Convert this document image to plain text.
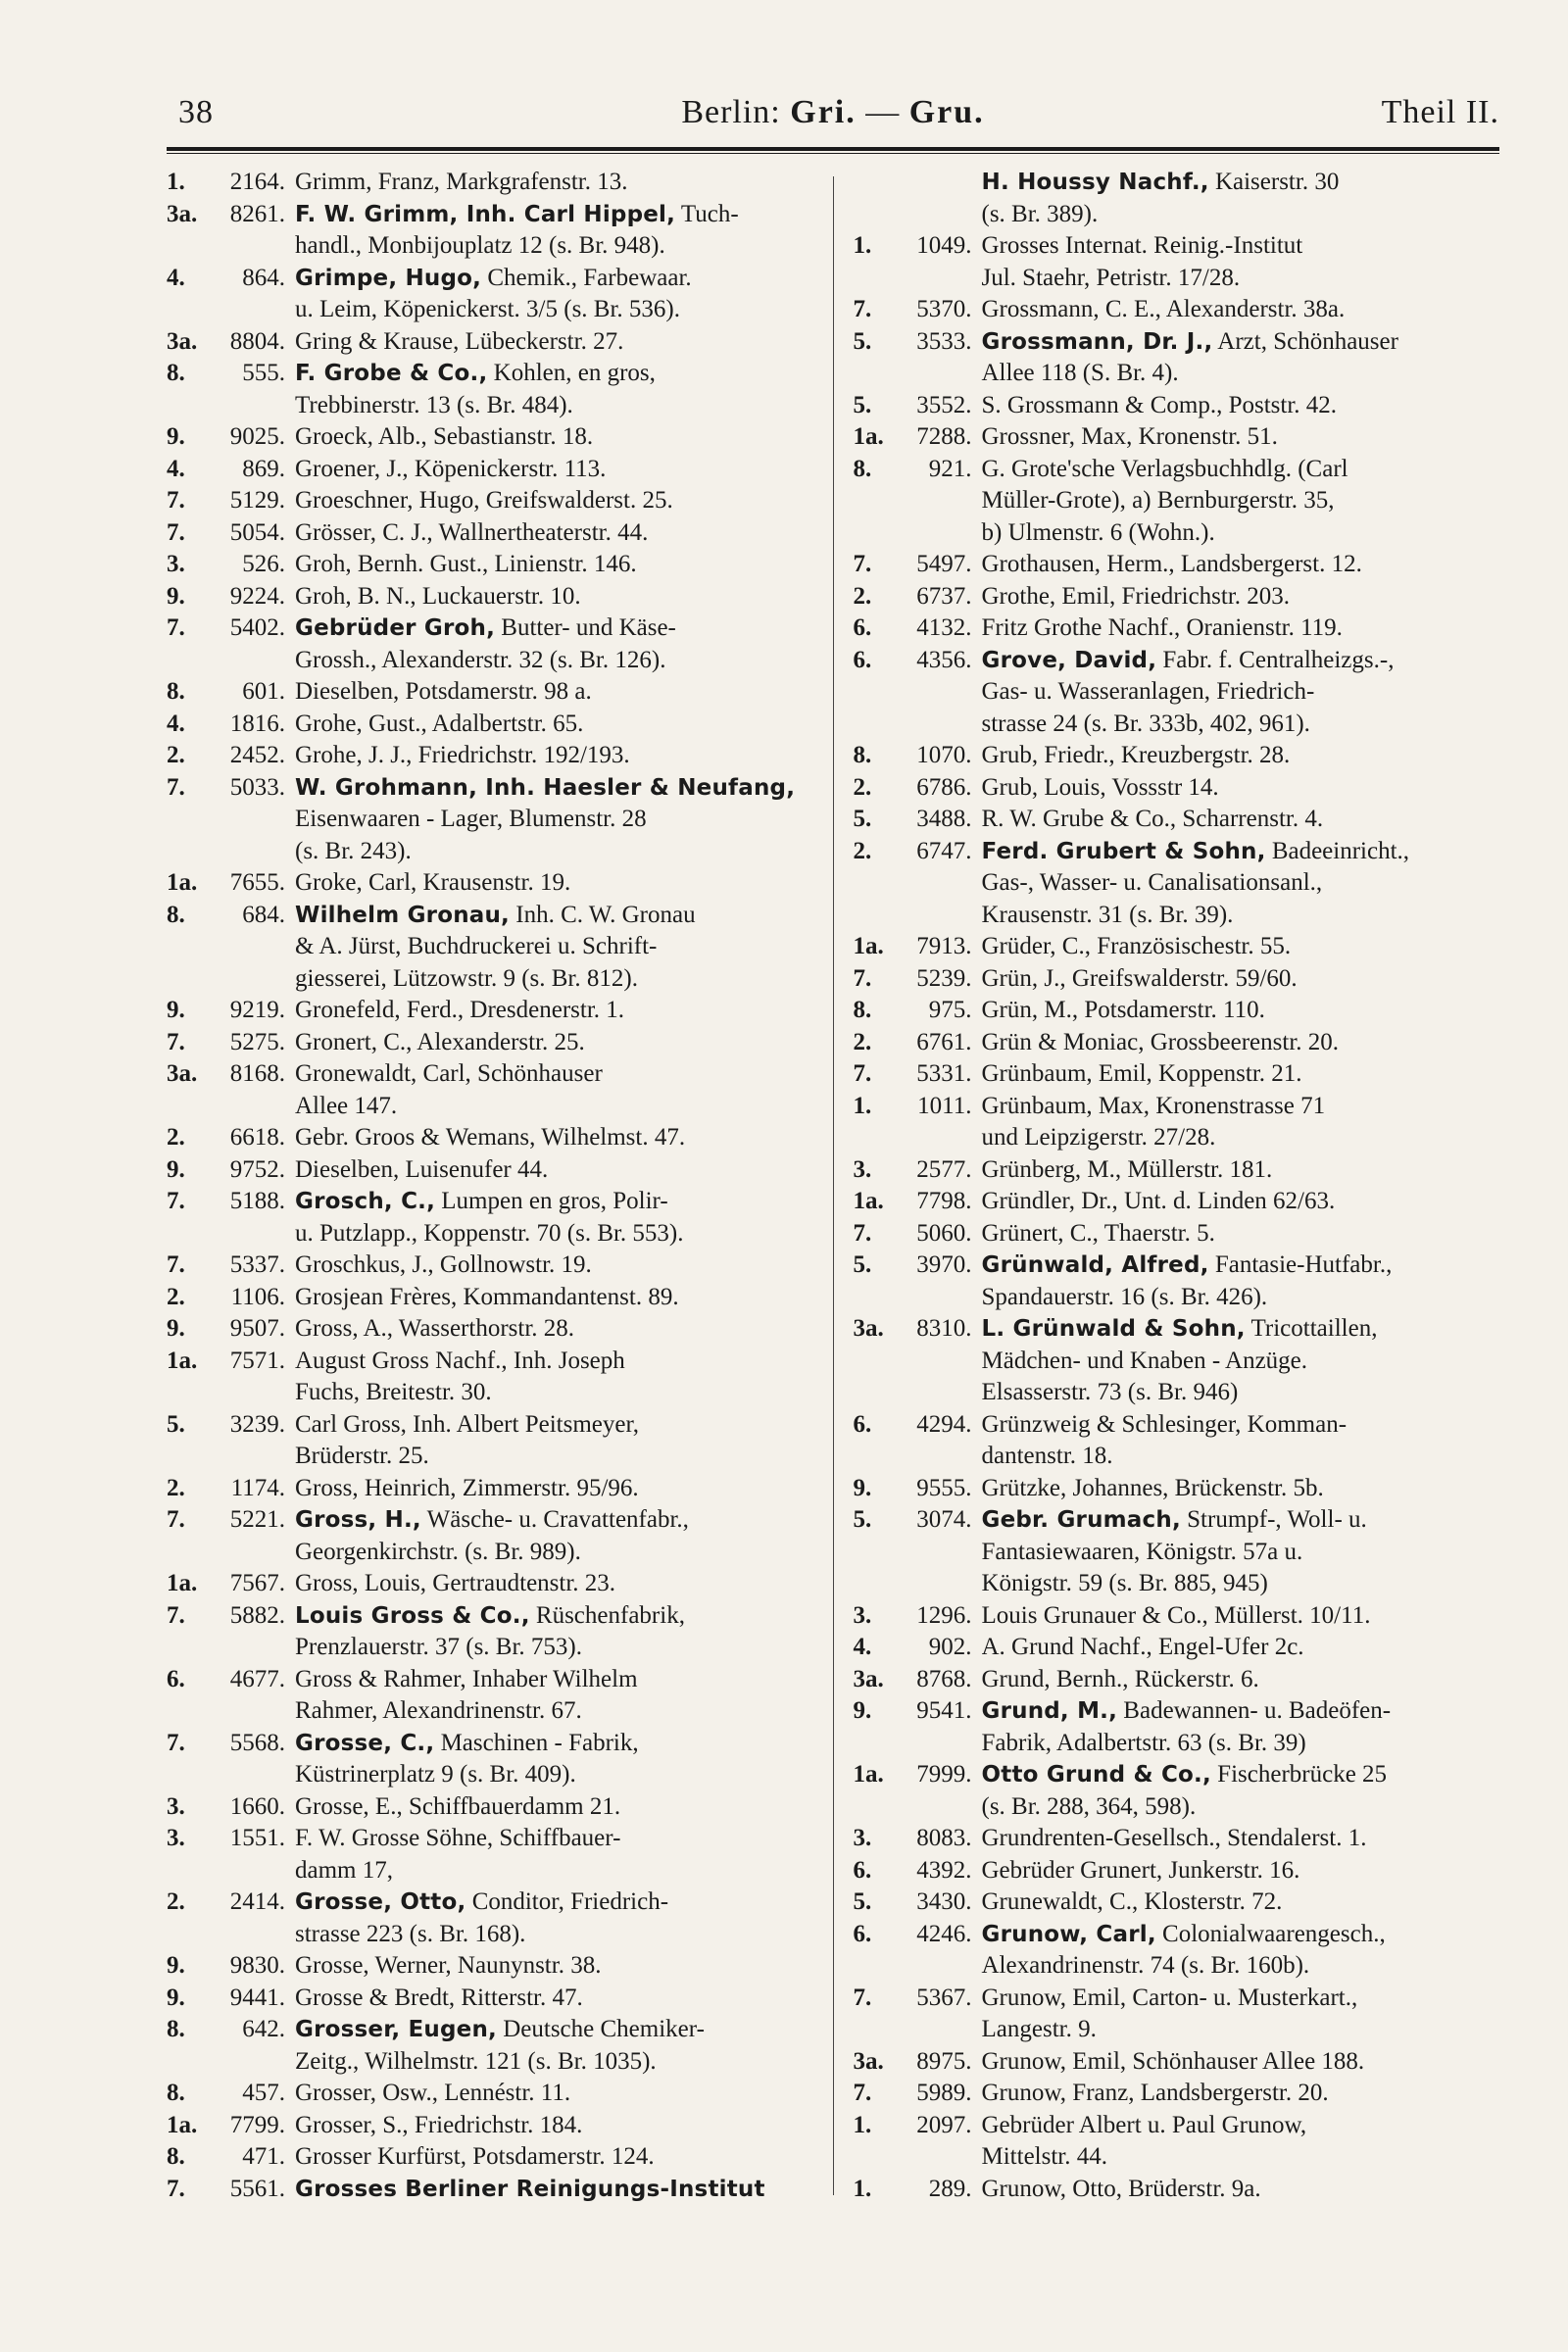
38	Berlin: Gri. — Gru.	Theil II.
1.	2164. Grimm, Franz, Markgrafenstr. 13.
3a.	8261. F. W. Grimm, Inh. Carl Hippel, Tuch-
handl., Monbijouplatz 12 (s. Br. 948).
4.	864. Grimpe, Hugo, Chemik., Farbewaar.
u. Leim, Köpenickerst. 3/5 (s. Br. 536).
3a.	8804. Gring & Krause, Lübeckerstr. 27.
8.	555. F. Grobe & Co., Kohlen, en gros,
Trebbinerstr. 13 (s. Br. 484).
9.	9025. Groeck, Alb., Sebastianstr. 18.
4.	869. Groener, J., Köpenickerstr. 113.
7.	5129. Groeschner, Hugo, Greifswalderst. 25.
7.	5054. Grösser, C. J., Wallnertheaterstr. 44.
3.	526. Groh, Bernh. Gust., Linienstr. 146.
9.	9224. Groh, B. N., Luckauerstr. 10.
7.	5402. Gebrüder Groh, Butter- und Käse-
Grossh., Alexanderstr. 32 (s. Br. 126).
8.	601. Dieselben, Potsdamerstr. 98 a.
4.	1816. Grohe, Gust., Adalbertstr. 65.
2.	2452. Grohe, J. J., Friedrichstr. 192/193.
7.	5033. W. Grohmann, Inh. Haesler & Neufang,
Eisenwaaren - Lager, Blumenstr. 28
(s. Br. 243).
1a.	7655. Groke, Carl, Krausenstr. 19.
8.	684. Wilhelm Gronau, Inh. C. W. Gronau
& A. Jürst, Buchdruckerei u. Schrift-
giesserei, Lützowstr. 9 (s. Br. 812).
9.	9219. Gronefeld, Ferd., Dresdenerstr. 1.
7.	5275. Gronert, C., Alexanderstr. 25.
3a.	8168. Gronewaldt, Carl, Schönhauser
Allee 147.
2.	6618. Gebr. Groos & Wemans, Wilhelmst. 47.
9.	9752. Dieselben, Luisenufer 44.
7.	5188. Grosch, C., Lumpen en gros, Polir-
u. Putzlapp., Koppenstr. 70 (s. Br. 553).
7.	5337. Groschkus, J., Gollnowstr. 19.
2.	1106. Grosjean Frères, Kommandantenst. 89.
9.	9507. Gross, A., Wasserthorstr. 28.
1a.	7571. August Gross Nachf., Inh. Joseph
Fuchs, Breitestr. 30.
5.	3239. Carl Gross, Inh. Albert Peitsmeyer,
Brüderstr. 25.
2.	1174. Gross, Heinrich, Zimmerstr. 95/96.
7.	5221. Gross, H., Wäsche- u. Cravattenfabr.,
Georgenkirchstr. (s. Br. 989).
1a.	7567. Gross, Louis, Gertraudtenstr. 23.
7.	5882. Louis Gross & Co., Rüschenfabrik,
Prenzlauerstr. 37 (s. Br. 753).
6.	4677. Gross & Rahmer, Inhaber Wilhelm
Rahmer, Alexandrinenstr. 67.
7.	5568. Grosse, C., Maschinen - Fabrik,
Küstrinerplatz 9 (s. Br. 409).
3.	1660. Grosse, E., Schiffbauerdamm 21.
3.	1551. F. W. Grosse Söhne, Schiffbauer-
damm 17,
2.	2414. Grosse, Otto, Conditor, Friedrich-
strasse 223 (s. Br. 168).
9.	9830. Grosse, Werner, Naunynstr. 38.
9.	9441. Grosse & Bredt, Ritterstr. 47.
8.	642. Grosser, Eugen, Deutsche Chemiker-
Zeitg., Wilhelmstr. 121 (s. Br. 1035).
8.	457. Grosser, Osw., Lennéstr. 11.
1a.	7799. Grosser, S., Friedrichstr. 184.
8.	471. Grosser Kurfürst, Potsdamerstr. 124.
7.	5561. Grosses Berliner Reinigungs-Institut
H. Houssy Nachf., Kaiserstr. 30
(s. Br. 389).
1.	1049. Grosses Internat. Reinig.-Institut
Jul. Staehr, Petristr. 17/28.
7.	5370. Grossmann, C. E., Alexanderstr. 38a.
5.	3533. Grossmann, Dr. J., Arzt, Schönhauser
Allee 118 (S. Br. 4).
5.	3552. S. Grossmann & Comp., Poststr. 42.
1a.	7288. Grossner, Max, Kronenstr. 51.
8.	921. G. Grote'sche Verlagsbuchhdlg. (Carl
Müller-Grote), a) Bernburgerstr. 35,
b) Ulmenstr. 6 (Wohn.).
7.	5497. Grothausen, Herm., Landsbergerst. 12.
2.	6737. Grothe, Emil, Friedrichstr. 203.
6.	4132. Fritz Grothe Nachf., Oranienstr. 119.
6.	4356. Grove, David, Fabr. f. Centralheizgs.-,
Gas- u. Wasseranlagen, Friedrich-
strasse 24 (s. Br. 333b, 402, 961).
8.	1070. Grub, Friedr., Kreuzbergstr. 28.
2.	6786. Grub, Louis, Vossstr 14.
5.	3488. R. W. Grube & Co., Scharrenstr. 4.
2.	6747. Ferd. Grubert & Sohn, Badeeinricht.,
Gas-, Wasser- u. Canalisationsanl.,
Krausenstr. 31 (s. Br. 39).
1a.	7913. Grüder, C., Französischestr. 55.
7.	5239. Grün, J., Greifswalderstr. 59/60.
8.	975. Grün, M., Potsdamerstr. 110.
2.	6761. Grün & Moniac, Grossbeerenstr. 20.
7.	5331. Grünbaum, Emil, Koppenstr. 21.
1.	1011. Grünbaum, Max, Kronenstrasse 71
und Leipzigerstr. 27/28.
3.	2577. Grünberg, M., Müllerstr. 181.
1a.	7798. Gründler, Dr., Unt. d. Linden 62/63.
7.	5060. Grünert, C., Thaerstr. 5.
5.	3970. Grünwald, Alfred, Fantasie-Hutfabr.,
Spandauerstr. 16 (s. Br. 426).
3a.	8310. L. Grünwald & Sohn, Tricottaillen,
Mädchen- und Knaben - Anzüge.
Elsasserstr. 73 (s. Br. 946)
6.	4294. Grünzweig & Schlesinger, Komman-
dantenstr. 18.
9.	9555. Grützke, Johannes, Brückenstr. 5b.
5.	3074. Gebr. Grumach, Strumpf-, Woll- u.
Fantasiewaaren, Königstr. 57a u.
Königstr. 59 (s. Br. 885, 945)
3.	1296. Louis Grunauer & Co., Müllerst. 10/11.
4.	902. A. Grund Nachf., Engel-Ufer 2c.
3a.	8768. Grund, Bernh., Rückerstr. 6.
9.	9541. Grund, M., Badewannen- u. Badeöfen-
Fabrik, Adalbertstr. 63 (s. Br. 39)
1a.	7999. Otto Grund & Co., Fischerbrücke 25
(s. Br. 288, 364, 598).
3.	8083. Grundrenten-Gesellsch., Stendalerst. 1.
6.	4392. Gebrüder Grunert, Junkerstr. 16.
5.	3430. Grunewaldt, C., Klosterstr. 72.
6.	4246. Grunow, Carl, Colonialwaarengesch.,
Alexandrinenstr. 74 (s. Br. 160b).
7.	5367. Grunow, Emil, Carton- u. Musterkart.,
Langestr. 9.
3a.	8975. Grunow, Emil, Schönhauser Allee 188.
7.	5989. Grunow, Franz, Landsbergerstr. 20.
1.	2097. Gebrüder Albert u. Paul Grunow,
Mittelstr. 44.
1.	289. Grunow, Otto, Brüderstr. 9a.
